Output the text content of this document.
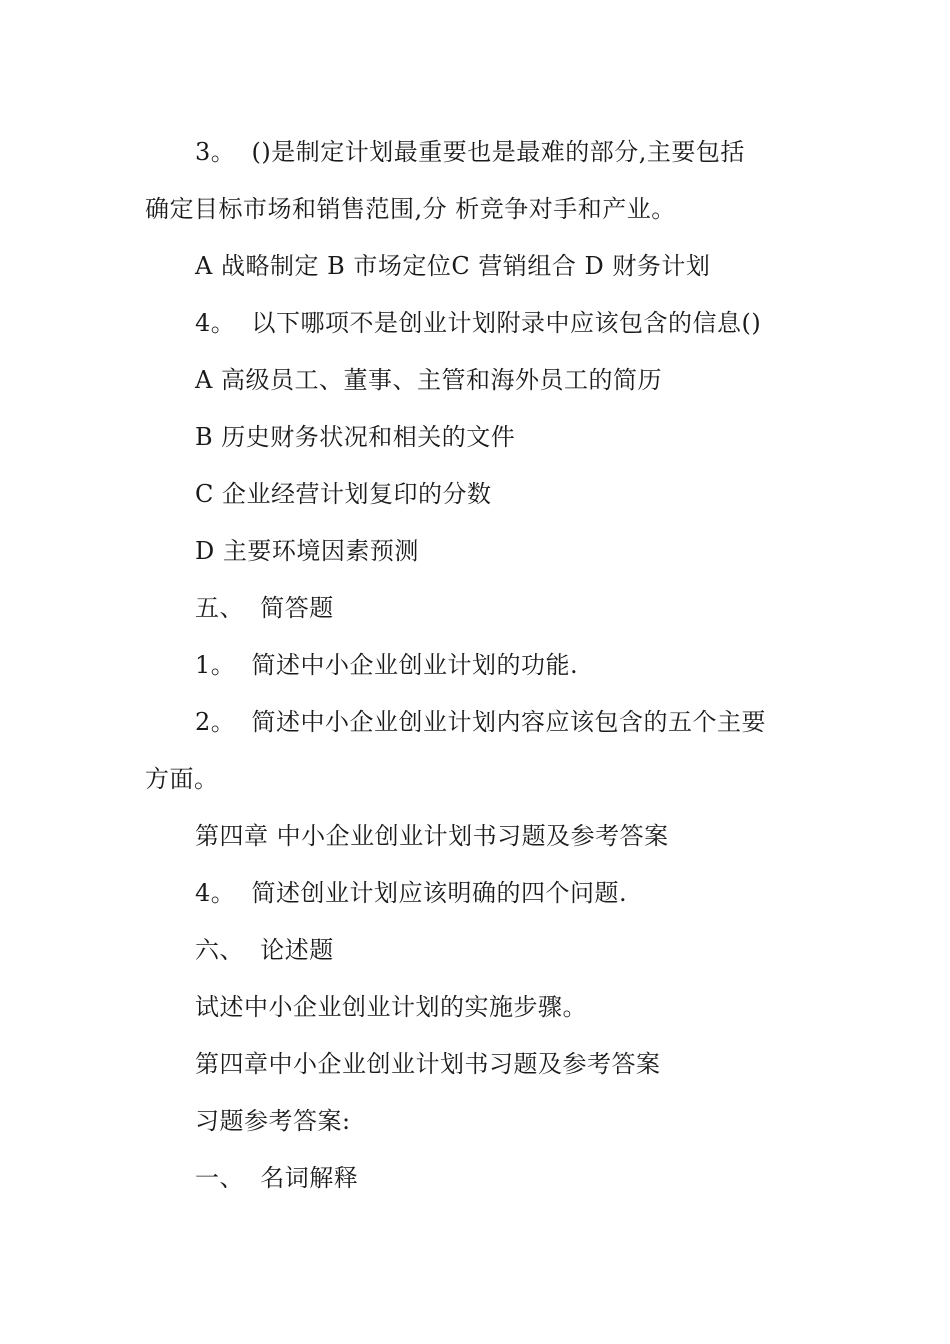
3。  ()是制定计划最重要也是最难的部分,主要包括
确定目标市场和销售范围,分 析竞争对手和产业。
A 战略制定 B 市场定位C 营销组合 D 财务计划
4。  以下哪项不是创业计划附录中应该包含的信息()
A 高级员工、董事、主管和海外员工的简历
B 历史财务状况和相关的文件
C 企业经营计划复印的分数
D 主要环境因素预测
五、  简答题
1。  简述中小企业创业计划的功能.
2。  简述中小企业创业计划内容应该包含的五个主要
方面。
第四章 中小企业创业计划书习题及参考答案
4。  简述创业计划应该明确的四个问题.
六、  论述题
试述中小企业创业计划的实施步骤。
第四章中小企业创业计划书习题及参考答案
习题参考答案:
一、  名词解释
